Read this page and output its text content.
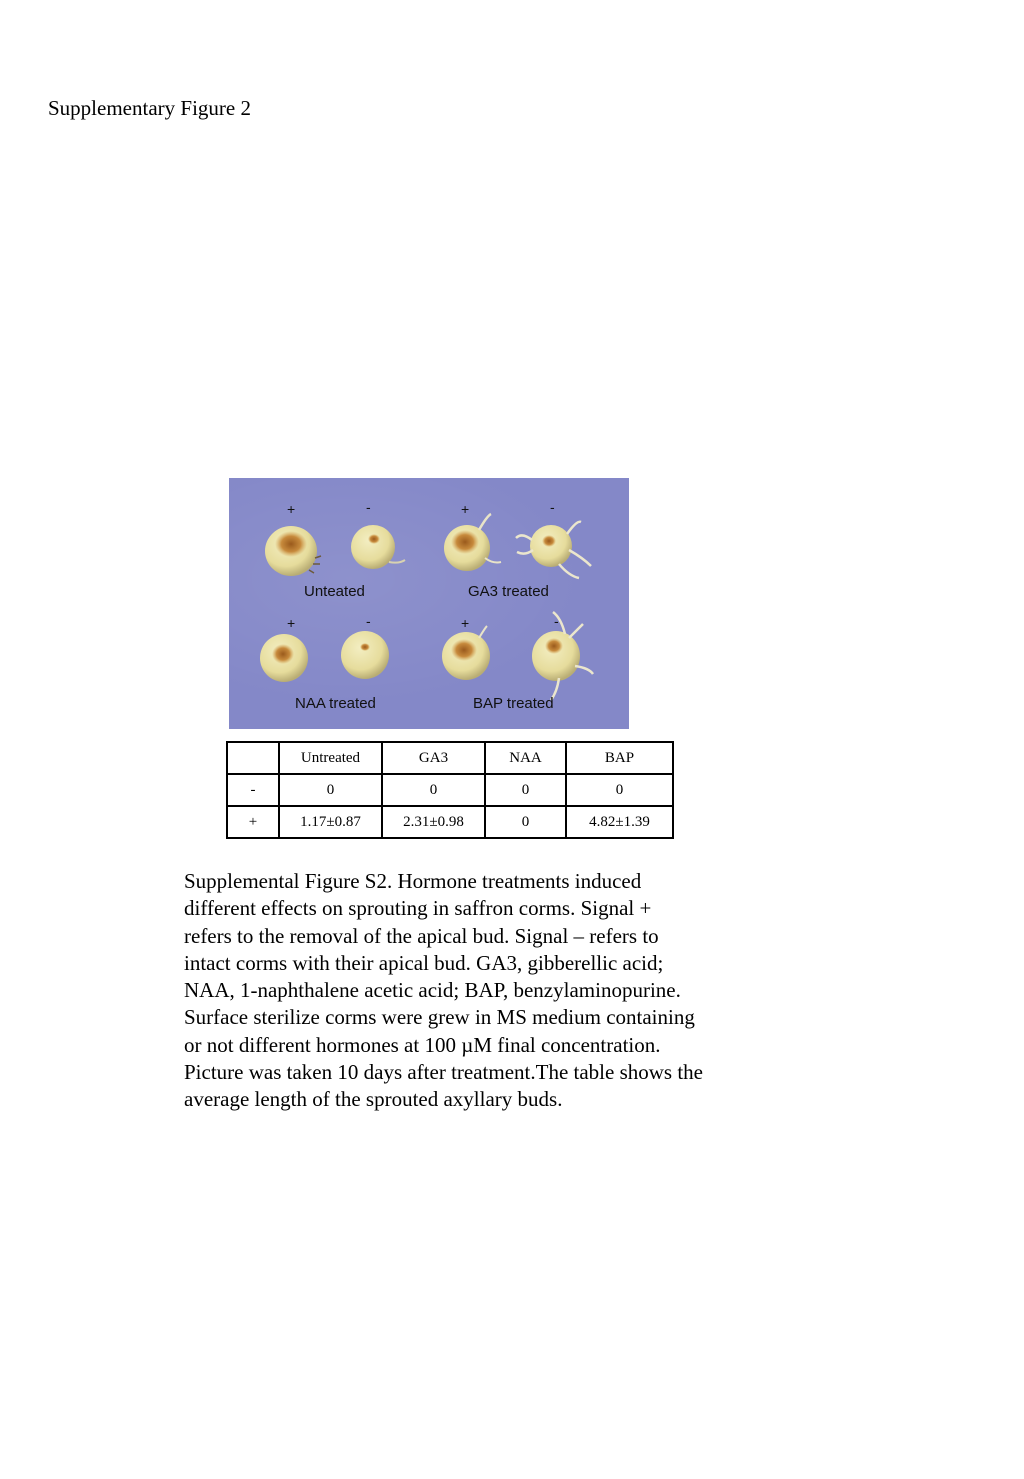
Supplementary Figure 2
+	-	+	-
+	-	+	-
Unteated	GA3 treated
NAA treated	BAP treated
	Untreated	GA3	NAA	BAP
-	0	0	0	0
+	1.17±0.87	2.31±0.98	0	4.82±1.39

Supplemental Figure S2. Hormone treatments induced different effects on sprouting in saffron corms. Signal + refers to the removal of the apical bud. Signal – refers to intact corms with their apical bud. GA3, gibberellic acid; NAA, 1-naphthalene acetic acid; BAP, benzylaminopurine. Surface sterilize corms were grew in MS medium containing or not different hormones at 100 µM final concentration. Picture was taken 10 days after treatment.The table shows the average length of the sprouted axyllary buds.
